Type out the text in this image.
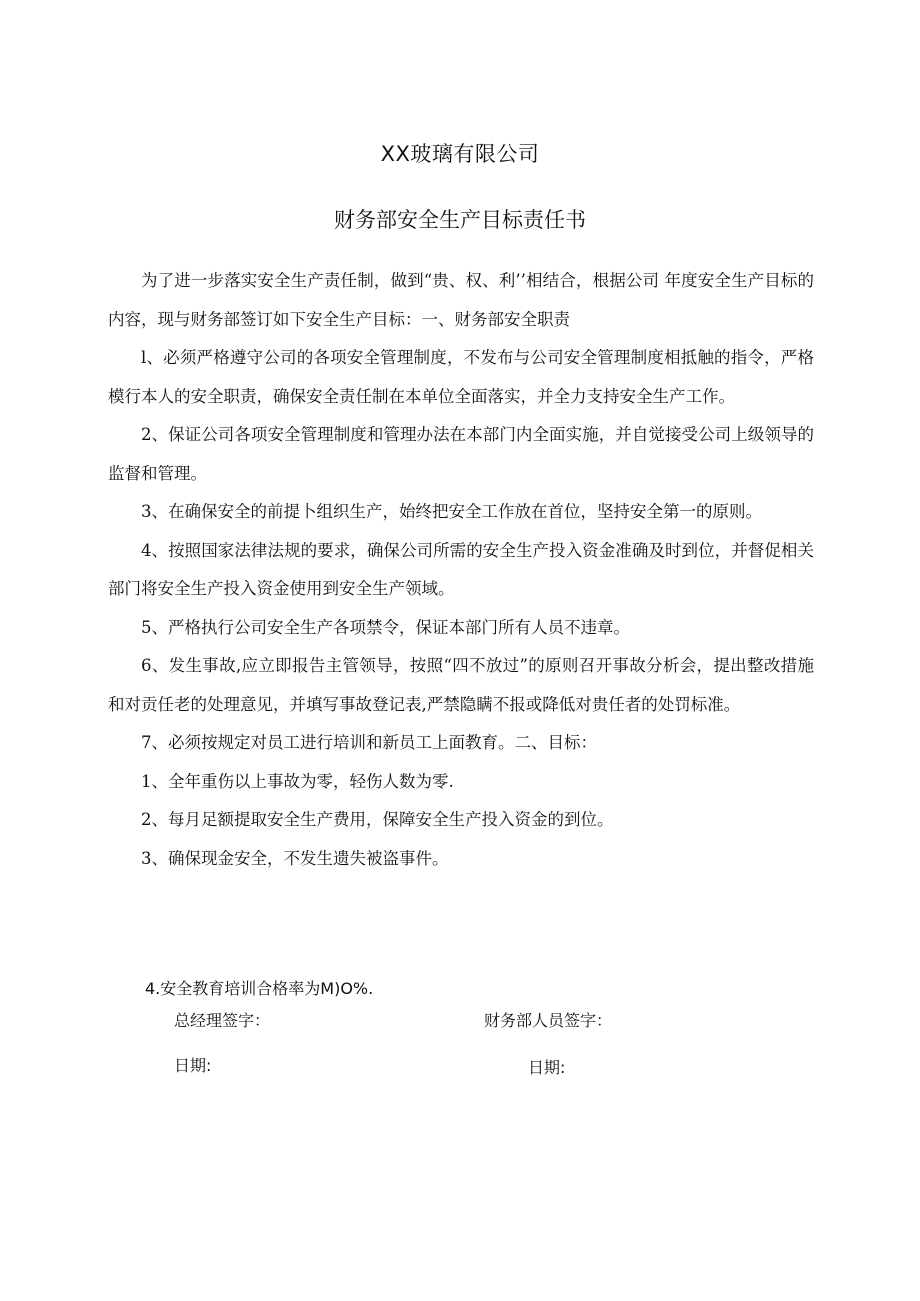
XX玻璃有限公司
财务部安全生产目标责任书

为了进一步落实安全生产责任制，做到“贵、权、利’’相结合，根据公司 年度安全生产目标的内容，现与财务部签订如下安全生产目标：一、财务部安全职责

l、必须严格遵守公司的各项安全管理制度，不发布与公司安全管理制度相抵触的指令，严格模行本人的安全职责，确保安全责任制在本单位全面落实，并全力支持安全生产工作。

2、保证公司各项安全管理制度和管理办法在本部门内全面实施，并自觉接受公司上级领导的监督和管理。

3、在确保安全的前提卜组织生产，始终把安全工作放在首位，坚持安全第一的原则。

4、按照国家法律法规的要求，确保公司所需的安全生产投入资金准确及时到位，并督促相关部门将安全生产投入资金使用到安全生产领域。

5、严格执行公司安全生产各项禁令，保证本部门所有人员不违章。

6、发生事故,应立即报告主管领导，按照“四不放过”的原则召开事故分析会，提出整改措施和对贡任老的处理意见，并填写事故登记表,严禁隐瞒不报或降低对贵任者的处罚标准。

7、必须按规定对员工进行培训和新员工上面教育。二、目标：

1、全年重伤以上事故为零，轻伤人数为零.

2、每月足额提取安全生产费用，保障安全生产投入资金的到位。

3、确保现金安全，不发生遗失被盗事件。

4.安全教育培训合格率为M)O%.

总经理签字：	财务部人员签字：

日期:	日期:
